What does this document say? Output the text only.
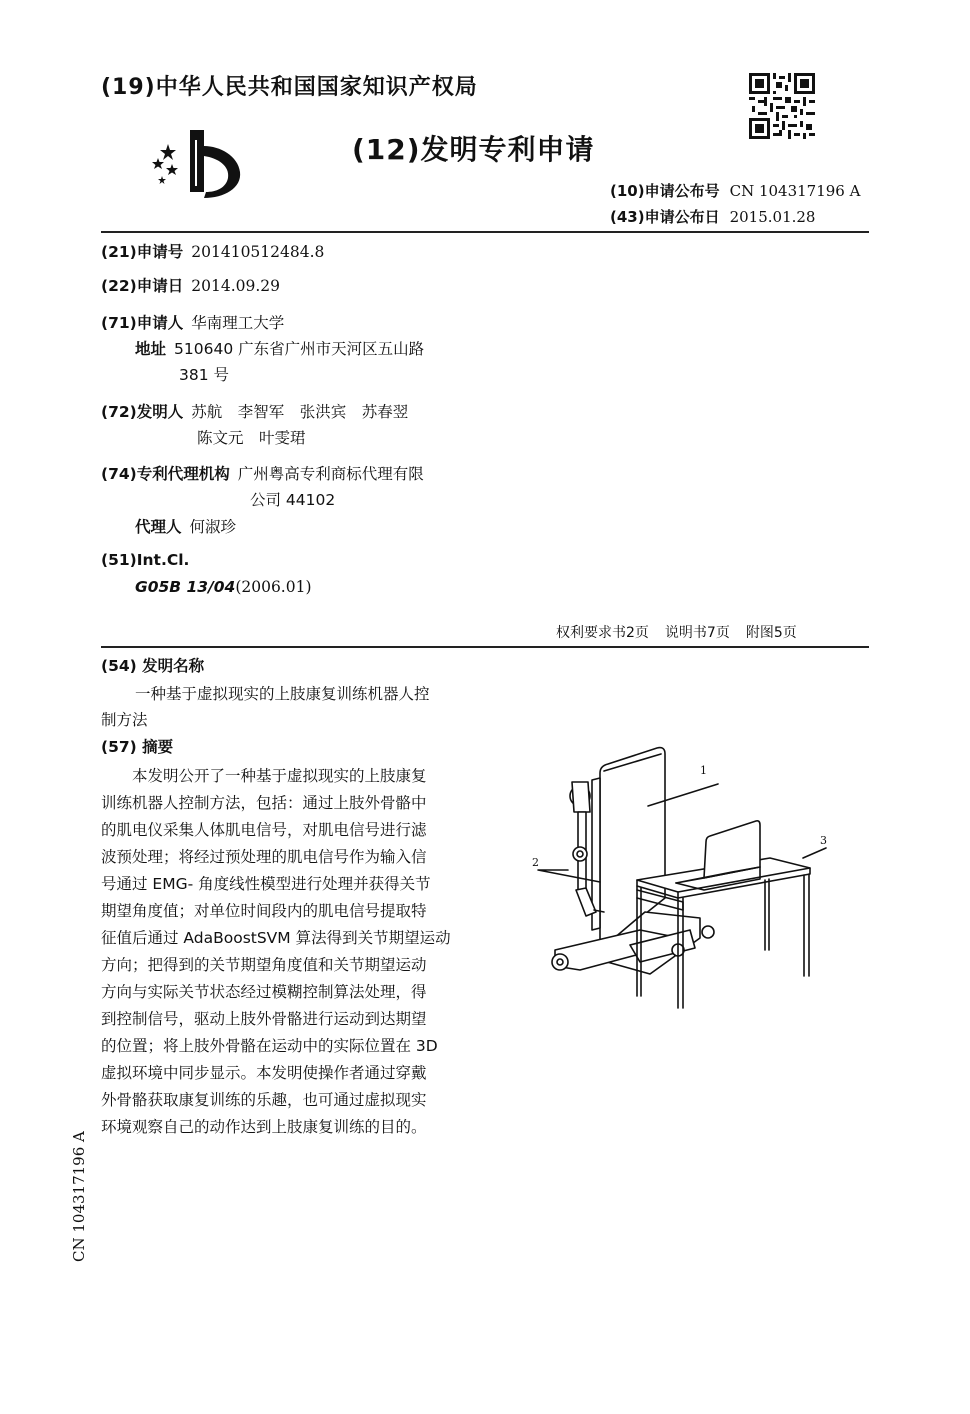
(19)中华人民共和国国家知识产权局
(12)发明专利申请
(10)申请公布号 CN 104317196 A
(43)申请公布日 2015.01.28
(21)申请号 201410512484.8
(22)申请日 2014.09.29
(71)申请人 华南理工大学
地址 510640 广东省广州市天河区五山路
381 号
(72)发明人 苏航　李智军　张洪宾　苏春翌
陈文元　叶雯珺
(74)专利代理机构 广州粤高专利商标代理有限
公司 44102
代理人 何淑珍
(51)Int.Cl.
G05B 13/04(2006.01)
权利要求书2页 说明书7页 附图5页
(54) 发明名称
一种基于虚拟现实的上肢康复训练机器人控
制方法
(57) 摘要
　　本发明公开了一种基于虚拟现实的上肢康复
训练机器人控制方法，包括：通过上肢外骨骼中
的肌电仪采集人体肌电信号，对肌电信号进行滤
波预处理；将经过预处理的肌电信号作为输入信
号通过 EMG- 角度线性模型进行处理并获得关节
期望角度值；对单位时间段内的肌电信号提取特
征值后通过 AdaBoostSVM 算法得到关节期望运动
方向；把得到的关节期望角度值和关节期望运动
方向与实际关节状态经过模糊控制算法处理，得
到控制信号，驱动上肢外骨骼进行运动到达期望
的位置；将上肢外骨骼在运动中的实际位置在 3D
虚拟环境中同步显示。本发明使操作者通过穿戴
外骨骼获取康复训练的乐趣，也可通过虚拟现实
环境观察自己的动作达到上肢康复训练的目的。
1
2
3
CN 104317196 A
